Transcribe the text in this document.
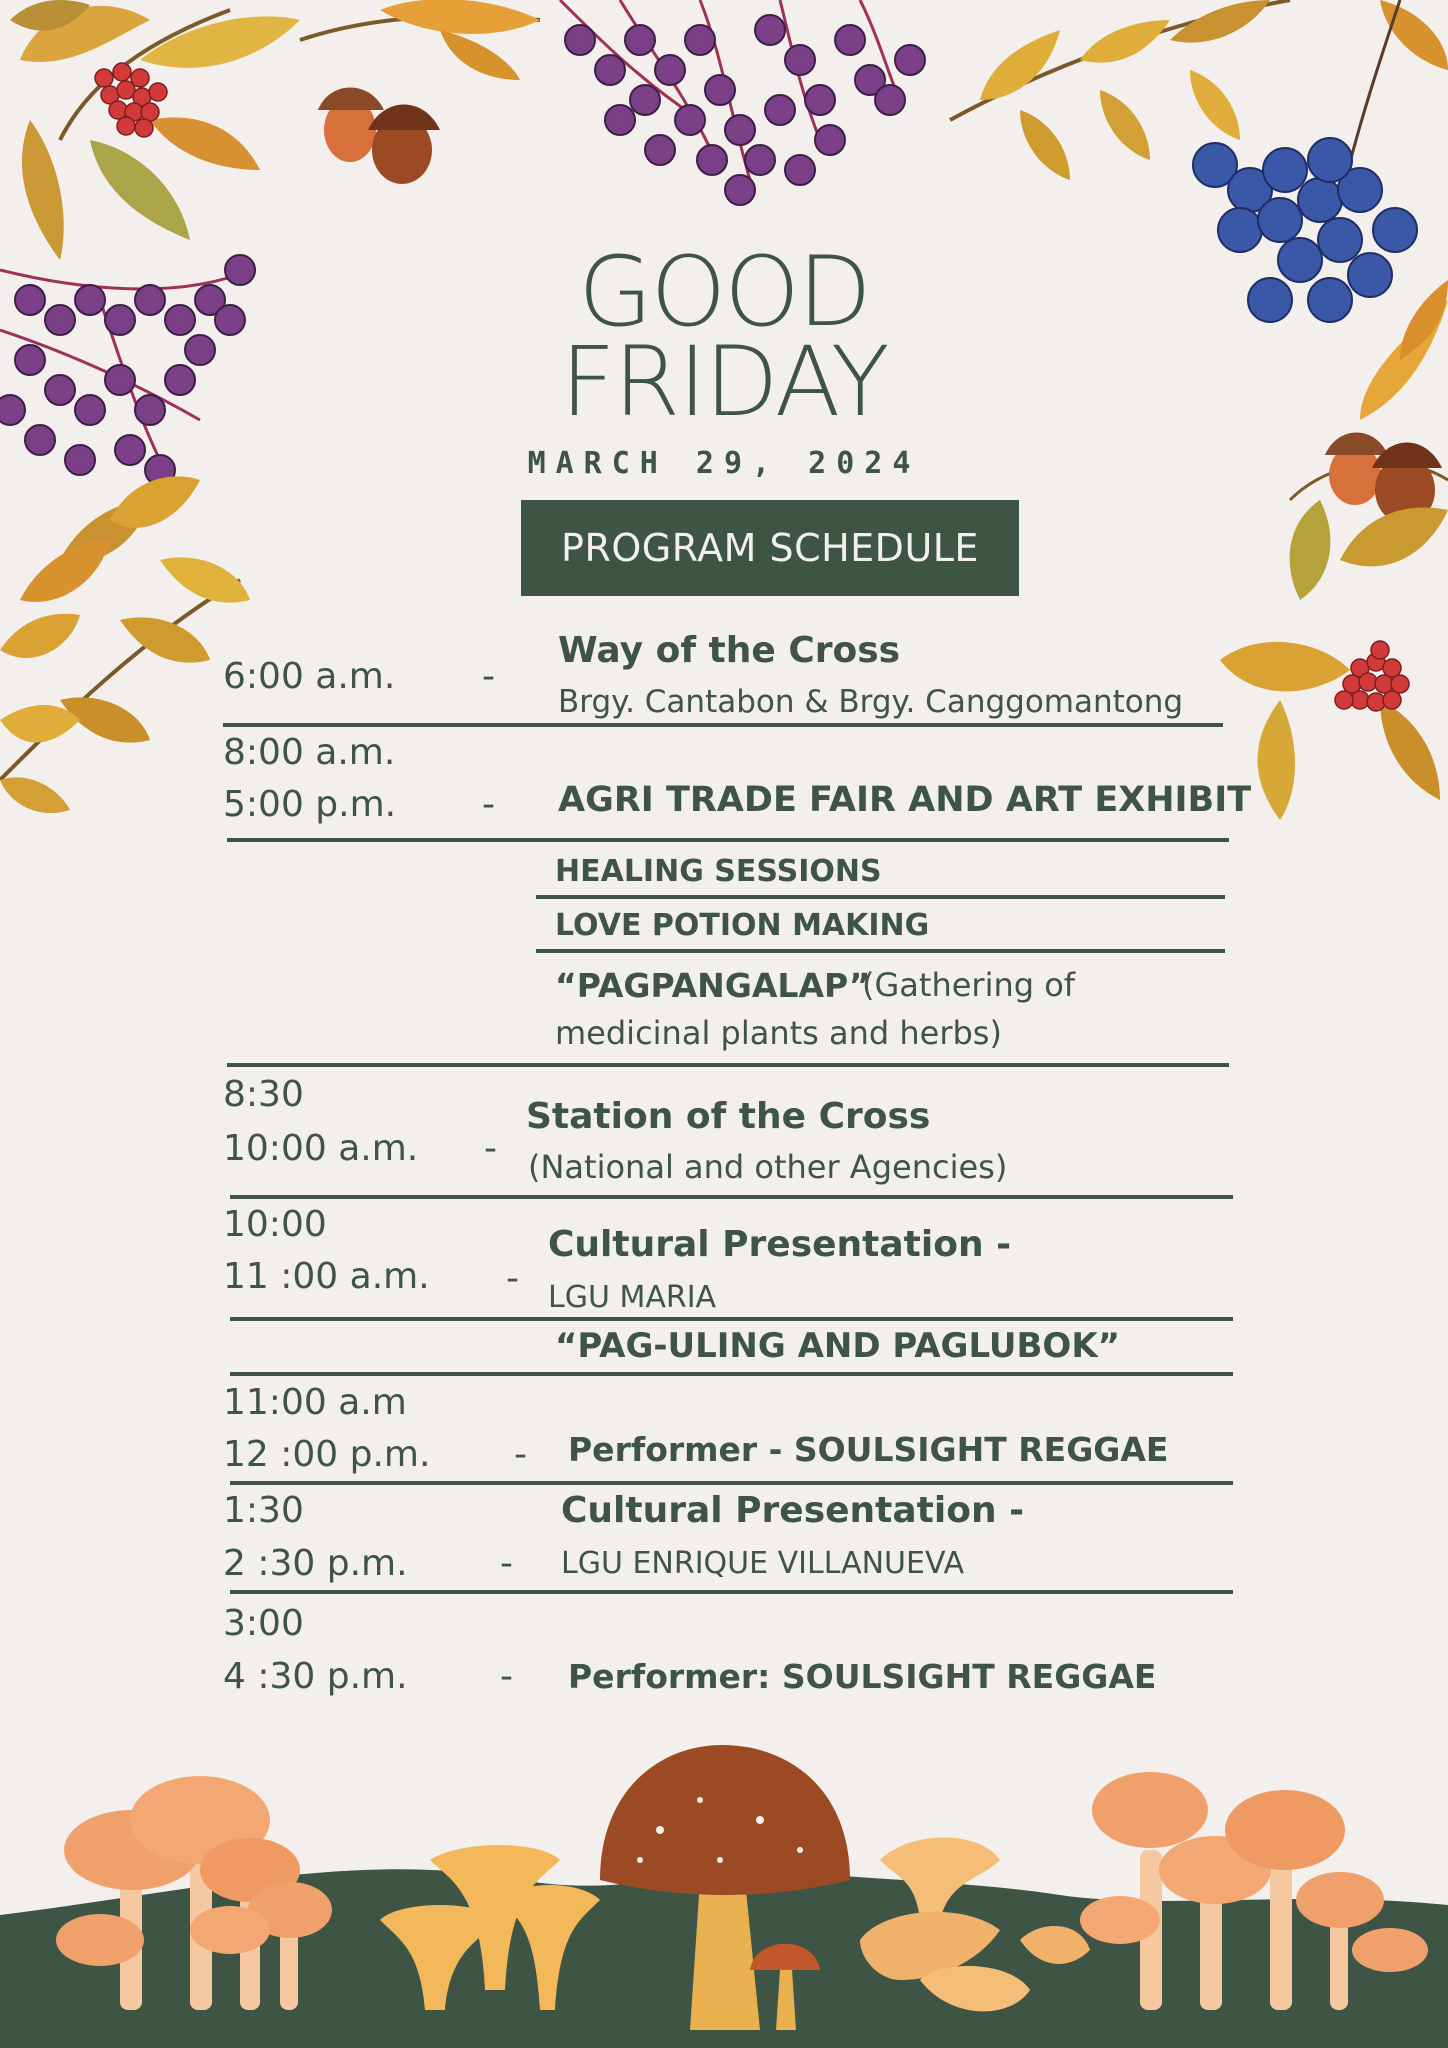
GOOD
FRIDAY
MARCH 29, 2024
PROGRAM SCHEDULE
6:00 a.m. -
Way of the Cross
Brgy. Cantabon & Brgy. Canggomantong
8:00 a.m.
5:00 p.m. - AGRI TRADE FAIR AND ART EXHIBIT
HEALING SESSIONS
LOVE POTION MAKING
“PAGPANGALAP”
(Gathering of
medicinal plants and herbs)
8:30
10:00 a.m. -
Station of the Cross
(National and other Agencies)
10:00
11 :00 a.m. -
Cultural Presentation -
LGU MARIA
“PAG-ULING AND PAGLUBOK”
11:00 a.m
12 :00 p.m. - Performer - SOULSIGHT REGGAE
1:30
2 :30 p.m.	-
Cultural Presentation -
LGU ENRIQUE VILLANUEVA
3:00
4 :30 p.m.	- Performer: SOULSIGHT REGGAE
